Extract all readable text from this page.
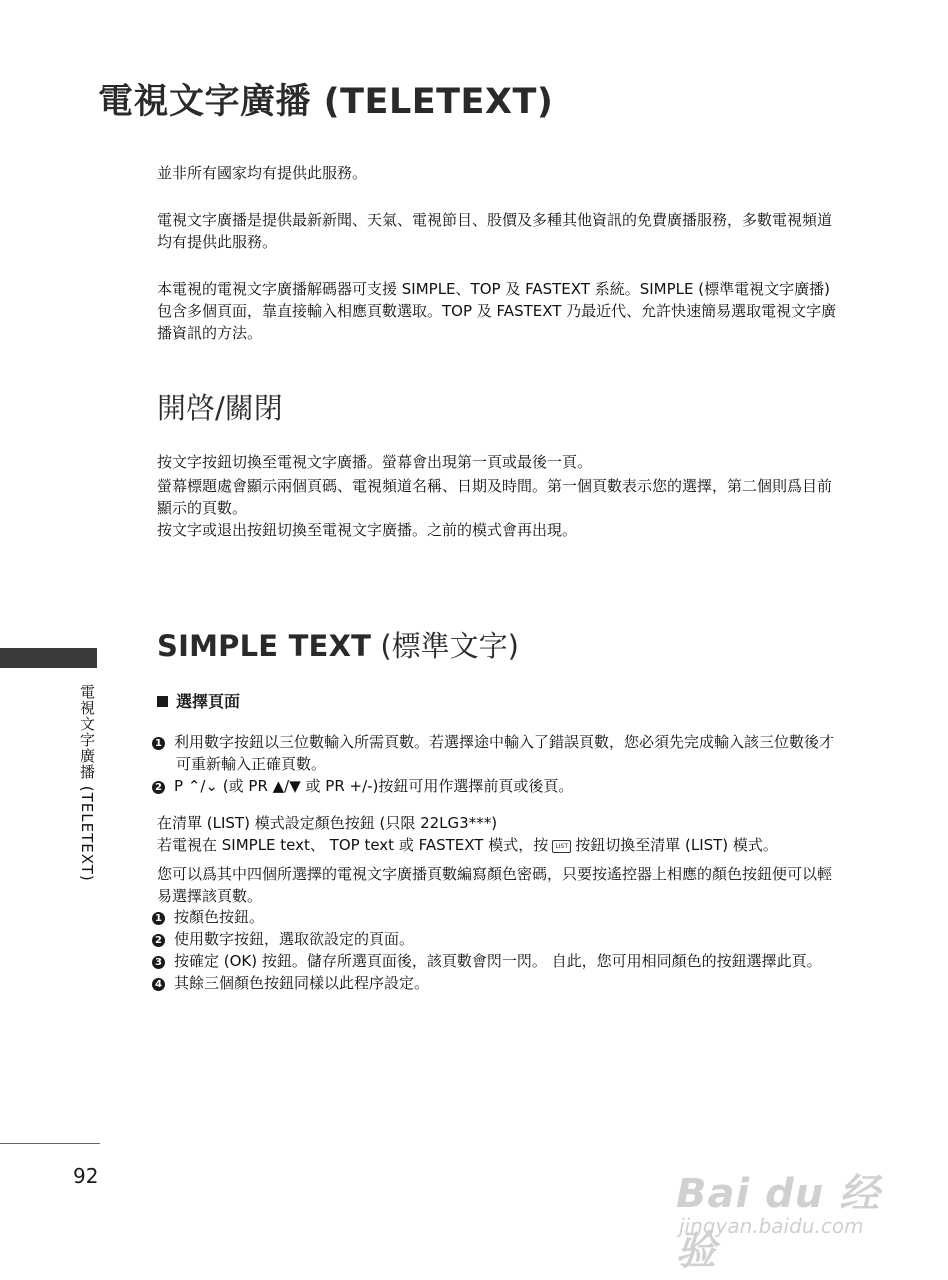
電視文字廣播 (TELETEXT)
並非所有國家均有提供此服務。
電視文字廣播是提供最新新聞、天氣、電視節目、股價及多種其他資訊的免費廣播服務，多數電視頻道
均有提供此服務。
本電視的電視文字廣播解碼器可支援 SIMPLE、TOP 及 FASTEXT 系統。SIMPLE (標準電視文字廣播)
包含多個頁面，靠直接輸入相應頁數選取。TOP 及 FASTEXT 乃最近代、允許快速簡易選取電視文字廣
播資訊的方法。
開啓/關閉
按文字按鈕切換至電視文字廣播。螢幕會出現第一頁或最後一頁。
螢幕標題處會顯示兩個頁碼、電視頻道名稱、日期及時間。第一個頁數表示您的選擇，第二個則爲目前
顯示的頁數。
按文字或退出按鈕切換至電視文字廣播。之前的模式會再出現。
電視文字廣播 (TELETEXT)
SIMPLE TEXT (標準文字)
選擇頁面
1 利用數字按鈕以三位數輸入所需頁數。若選擇途中輸入了錯誤頁數，您必須先完成輸入該三位數後才
可重新輸入正確頁數。
2 P ⌃/⌄ (或 PR ▲/▼ 或 PR +/-)按鈕可用作選擇前頁或後頁。
在清單 (LIST) 模式設定顏色按鈕 (只限 22LG3***)
若電視在 SIMPLE text、 TOP text 或 FASTEXT 模式，按 LIST 按鈕切換至清單 (LIST) 模式。
您可以爲其中四個所選擇的電視文字廣播頁數編寫顏色密碼，只要按遙控器上相應的顏色按鈕便可以輕
易選擇該頁數。
1 按顏色按鈕。
2 使用數字按鈕，選取欲設定的頁面。
3 按確定 (OK) 按鈕。儲存所選頁面後，該頁數會閃一閃。 自此，您可用相同顏色的按鈕選擇此頁。
4 其餘三個顏色按鈕同樣以此程序設定。
92	Bai du 经验
jingyan.baidu.com
